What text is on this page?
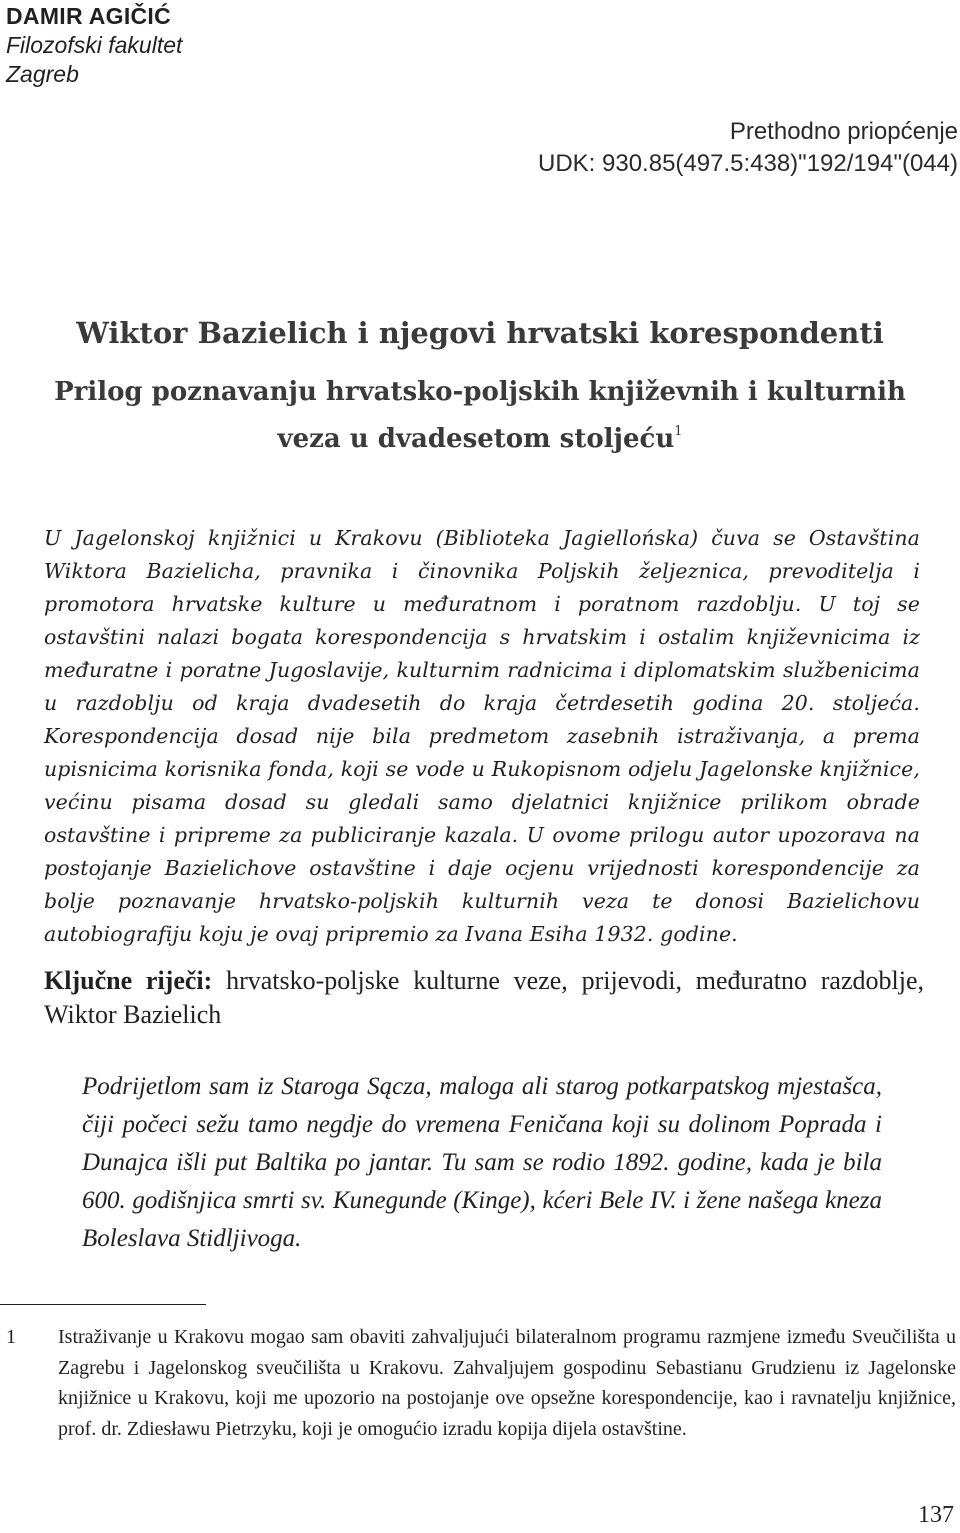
DAMIR AGIČIĆ
Filozofski fakultet
Zagreb
Prethodno priopćenje
UDK: 930.85(497.5:438)ʺ192/194ʺ(044)
Wiktor Bazielich i njegovi hrvatski korespondenti
Prilog poznavanju hrvatsko-poljskih književnih i kulturnih veza u dvadesetom stoljeću$^1$

U Jagelonskoj knjižnici u Krakovu (Biblioteka Jagiellońska) čuva se Ostavština Wiktora Bazielicha, pravnika i činovnika Poljskih željeznica, prevoditelja i promotora hrvatske kulture u međuratnom i poratnom razdoblju. U toj se ostavštini nalazi bogata korespondencija s hrvatskim i ostalim književnicima iz međuratne i poratne Jugoslavije, kulturnim radnicima i diplomatskim službenicima u razdoblju od kraja dvadesetih do kraja četrdesetih godina 20. stoljeća. Korespondencija dosad nije bila predmetom zasebnih istraživanja, a prema upisnicima korisnika fonda, koji se vode u Rukopisnom odjelu Jagelonske knjižnice, većinu pisama dosad su gledali samo djelatnici knjižnice prilikom obrade ostavštine i pripreme za publiciranje kazala. U ovome prilogu autor upozorava na postojanje Bazielichove ostavštine i daje ocjenu vrijednosti korespondencije za bolje poznavanje hrvatsko-poljskih kulturnih veza te donosi Bazielichovu autobiografiju koju je ovaj pripremio za Ivana Esiha 1932. godine.

Ključne riječi: hrvatsko-poljske kulturne veze, prijevodi, međuratno razdoblje, Wiktor Bazielich

Podrijetlom sam iz Staroga Sącza, maloga ali starog potkarpatskog mjestašca, čiji počeci sežu tamo negdje do vremena Feničana koji su dolinom Poprada i Dunajca išli put Baltika po jantar. Tu sam se rodio 1892. godine, kada je bila 600. godišnjica smrti sv. Kunegunde (Kinge), kćeri Bele IV. i žene našega kneza Boleslava Stidljivoga.

1 Istraživanje u Krakovu mogao sam obaviti zahvaljujući bilateralnom programu razmjene između Sveučilišta u Zagrebu i Jagelonskog sveučilišta u Krakovu. Zahvaljujem gospodinu Sebastianu Grudzienu iz Jagelonske knjižnice u Krakovu, koji me upozorio na postojanje ove opsežne korespondencije, kao i ravnatelju knjižnice, prof. dr. Zdiesławu Pietrzyku, koji je omogućio izradu kopija dijela ostavštine.

137
